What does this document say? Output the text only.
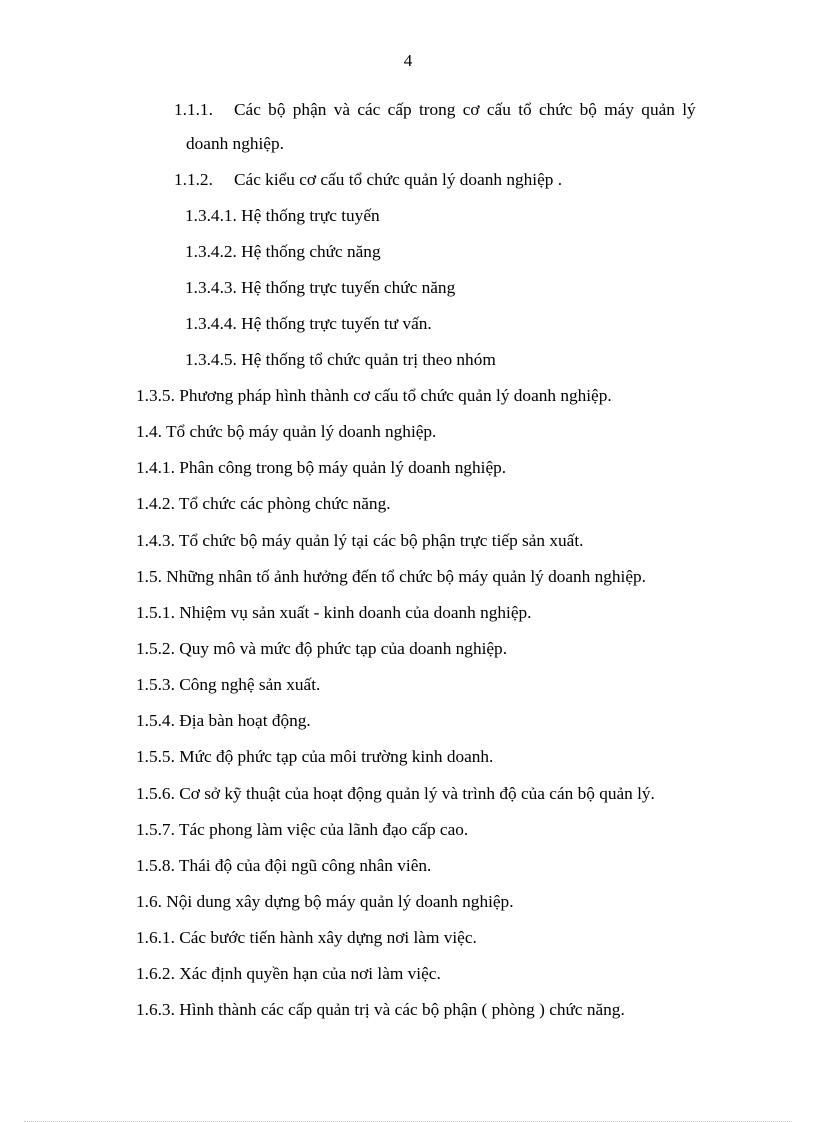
4
1.1.1. Các bộ phận và các cấp trong cơ cấu tổ chức bộ máy quản lý
doanh nghiệp.
1.1.2. Các kiểu cơ cấu tổ chức quản lý doanh nghiệp .
1.3.4.1. Hệ thống trực tuyến
1.3.4.2. Hệ thống chức năng
1.3.4.3. Hệ thống trực tuyến chức năng
1.3.4.4. Hệ thống trực tuyến tư vấn.
1.3.4.5. Hệ thống tổ chức quản trị theo nhóm
1.3.5. Phương pháp hình thành cơ cấu tổ chức quản lý doanh nghiệp.
1.4. Tổ chức bộ máy quản lý doanh nghiệp.
1.4.1. Phân công trong bộ máy quản lý doanh nghiệp.
1.4.2. Tổ chức các phòng chức năng.
1.4.3. Tổ chức bộ máy quản lý tại các bộ phận trực tiếp sản xuất.
1.5. Những nhân tố ảnh hưởng đến tổ chức bộ máy quản lý doanh nghiệp.
1.5.1. Nhiệm vụ sản xuất - kinh doanh của doanh nghiệp.
1.5.2. Quy mô và mức độ phức tạp của doanh nghiệp.
1.5.3. Công nghệ sản xuất.
1.5.4. Địa bàn hoạt động.
1.5.5. Mức độ phức tạp của môi trường kinh doanh.
1.5.6. Cơ sở kỹ thuật của hoạt động quản lý và trình độ của cán bộ quản lý.
1.5.7. Tác phong làm việc của lãnh đạo cấp cao.
1.5.8. Thái độ của đội ngũ công nhân viên.
1.6. Nội dung xây dựng bộ máy quản lý doanh nghiệp.
1.6.1. Các bước tiến hành xây dựng nơi làm việc.
1.6.2. Xác định quyền hạn của nơi làm việc.
1.6.3. Hình thành các cấp quản trị và các bộ phận ( phòng ) chức năng.
